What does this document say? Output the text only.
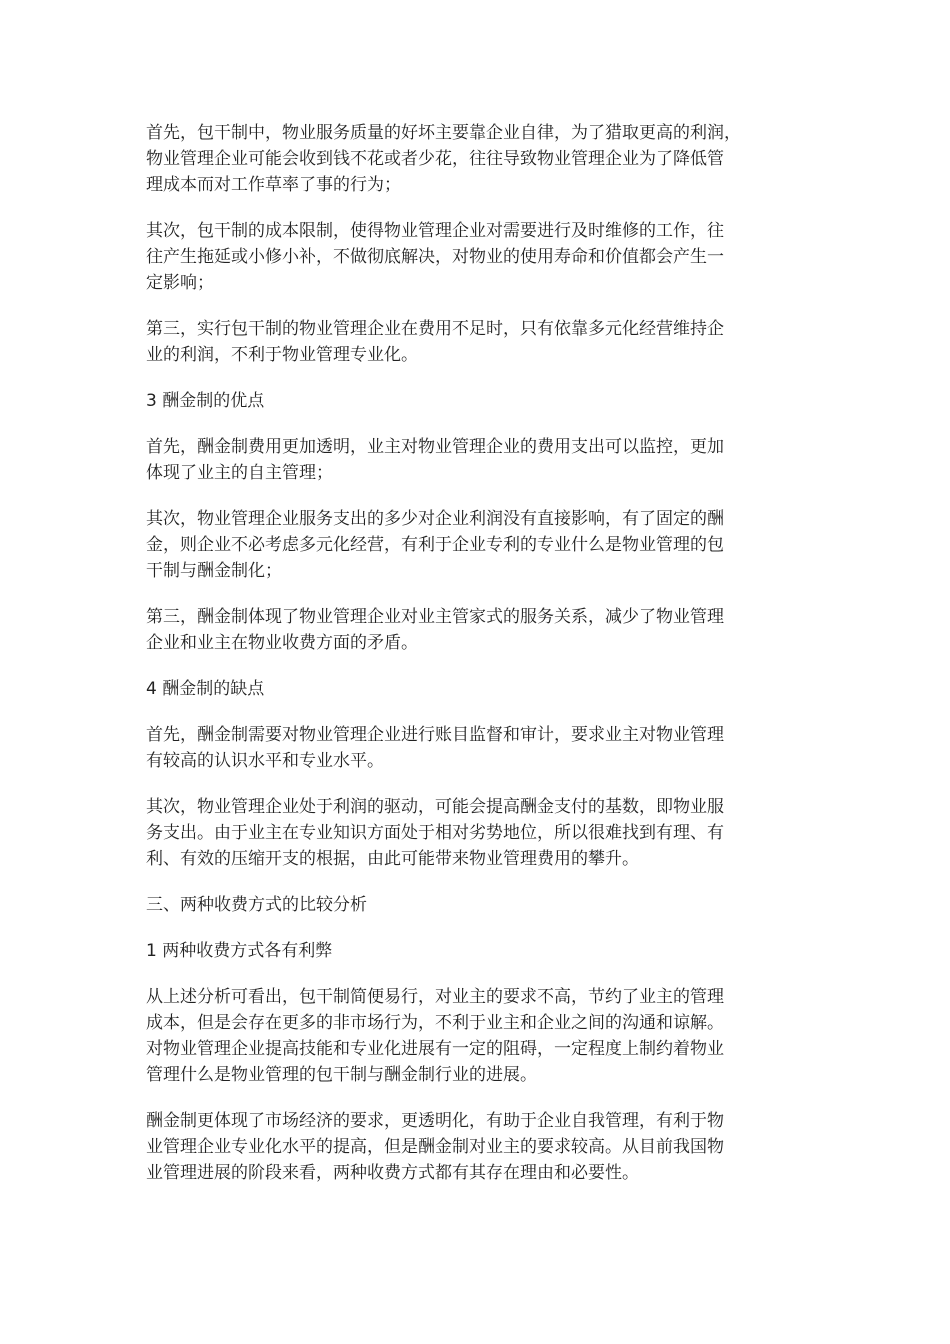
首先，包干制中，物业服务质量的好坏主要靠企业自律，为了猎取更高的利润，
物业管理企业可能会收到钱不花或者少花，往往导致物业管理企业为了降低管
理成本而对工作草率了事的行为；

其次，包干制的成本限制，使得物业管理企业对需要进行及时维修的工作，往
往产生拖延或小修小补，不做彻底解决，对物业的使用寿命和价值都会产生一
定影响；

第三，实行包干制的物业管理企业在费用不足时，只有依靠多元化经营维持企
业的利润，不利于物业管理专业化。

3 酬金制的优点

首先，酬金制费用更加透明，业主对物业管理企业的费用支出可以监控，更加
体现了业主的自主管理；

其次，物业管理企业服务支出的多少对企业利润没有直接影响，有了固定的酬
金，则企业不必考虑多元化经营，有利于企业专利的专业什么是物业管理的包
干制与酬金制化；

第三，酬金制体现了物业管理企业对业主管家式的服务关系，减少了物业管理
企业和业主在物业收费方面的矛盾。

4 酬金制的缺点

首先，酬金制需要对物业管理企业进行账目监督和审计，要求业主对物业管理
有较高的认识水平和专业水平。

其次，物业管理企业处于利润的驱动，可能会提高酬金支付的基数，即物业服
务支出。由于业主在专业知识方面处于相对劣势地位，所以很难找到有理、有
利、有效的压缩开支的根据，由此可能带来物业管理费用的攀升。

三、两种收费方式的比较分析

1 两种收费方式各有利弊

从上述分析可看出，包干制简便易行，对业主的要求不高，节约了业主的管理
成本，但是会存在更多的非市场行为，不利于业主和企业之间的沟通和谅解。
对物业管理企业提高技能和专业化进展有一定的阻碍，一定程度上制约着物业
管理什么是物业管理的包干制与酬金制行业的进展。

酬金制更体现了市场经济的要求，更透明化，有助于企业自我管理，有利于物
业管理企业专业化水平的提高，但是酬金制对业主的要求较高。从目前我国物
业管理进展的阶段来看，两种收费方式都有其存在理由和必要性。
